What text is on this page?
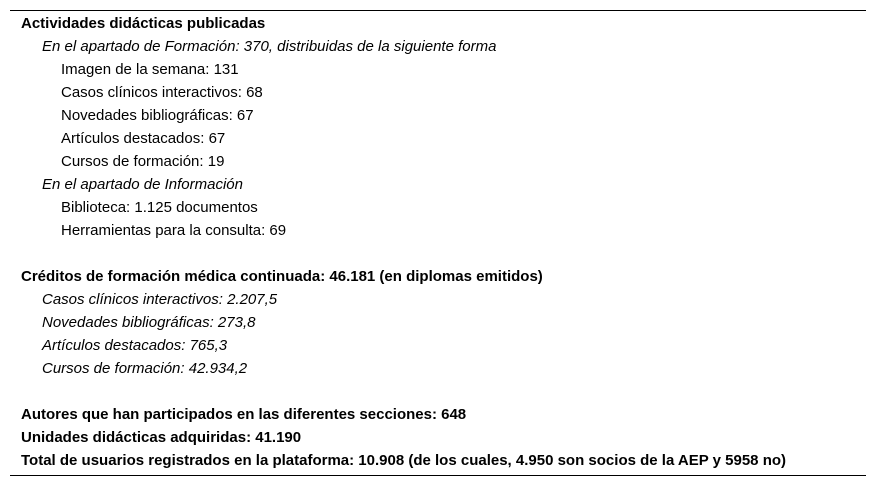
Actividades didácticas publicadas
En el apartado de Formación: 370, distribuidas de la siguiente forma
Imagen de la semana: 131
Casos clínicos interactivos: 68
Novedades bibliográficas: 67
Artículos destacados: 67
Cursos de formación: 19
En el apartado de Información
Biblioteca: 1.125 documentos
Herramientas para la consulta: 69
Créditos de formación médica continuada: 46.181 (en diplomas emitidos)
Casos clínicos interactivos: 2.207,5
Novedades bibliográficas: 273,8
Artículos destacados: 765,3
Cursos de formación: 42.934,2
Autores que han participados en las diferentes secciones: 648
Unidades didácticas adquiridas: 41.190
Total de usuarios registrados en la plataforma: 10.908 (de los cuales, 4.950 son socios de la AEP y 5958 no)
